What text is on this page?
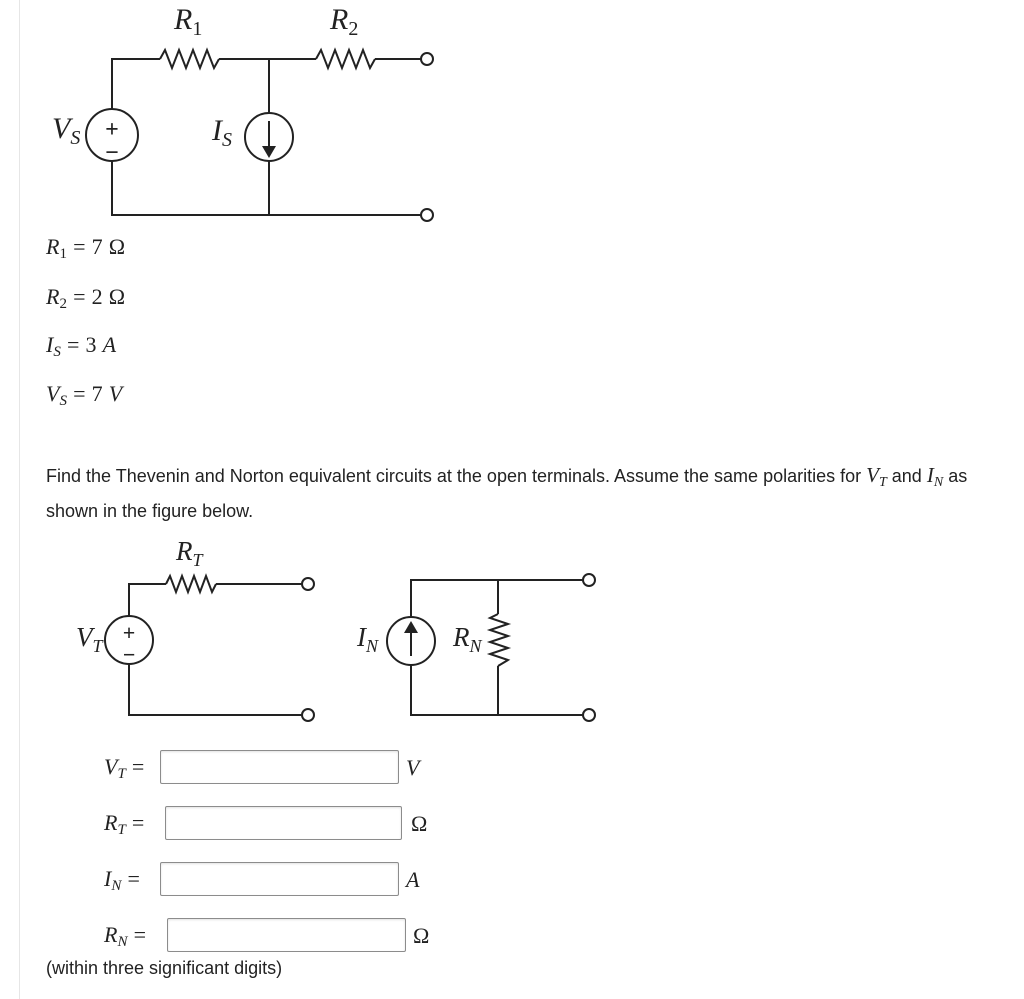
+
−
$R_1$	$R_2$
$V_S$	$I_S$
$R_1 = 7$ Ω
$R_2 = 2$ Ω
$I_S = 3$ A
$V_S = 7$ V
Find the Thevenin and Norton equivalent circuits at the open terminals. Assume the same polarities for $V_T$ and $I_N$ as shown in the figure below.
+
−
$R_T$
$V_T$	$I_N$	$R_N$
$V_T$ =	V
$R_T$ =	Ω
$I_N$ =	A
$R_N$ =	Ω
(within three significant digits)
